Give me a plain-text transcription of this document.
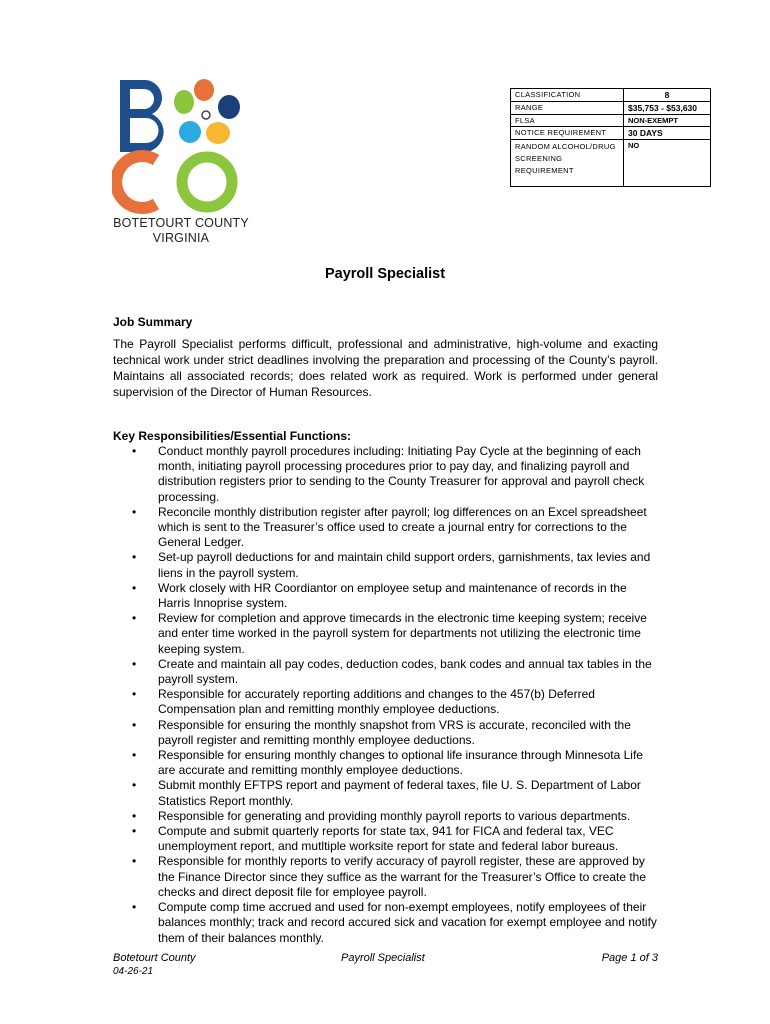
BOTETOURT COUNTY
VIRGINIA
CLASSIFICATION	8
RANGE	$35,753 - $53,630
FLSA	NON-EXEMPT
NOTICE REQUIREMENT	30 DAYS
RANDOM ALCOHOL/DRUG SCREENING REQUIREMENT	NO
Payroll Specialist
Job Summary

The Payroll Specialist performs difficult, professional and administrative, high-volume and exacting technical work under strict deadlines involving the preparation and processing of the County’s payroll. Maintains all associated records; does related work as required. Work is performed under general supervision of the Director of Human Resources.

Key Responsibilities/Essential Functions:
• Conduct monthly payroll procedures including: Initiating Pay Cycle at the beginning of each month, initiating payroll processing procedures prior to pay day, and finalizing payroll and distribution registers prior to sending to the County Treasurer for approval and payroll check processing.
• Reconcile monthly distribution register after payroll; log differences on an Excel spreadsheet which is sent to the Treasurer’s office used to create a journal entry for corrections to the General Ledger.
• Set-up payroll deductions for and maintain child support orders, garnishments, tax levies and liens in the payroll system.
• Work closely with HR Coordiantor on employee setup and maintenance of records in the Harris Innoprise system.
• Review for completion and approve timecards in the electronic time keeping system; receive and enter time worked in the payroll system for departments not utilizing the electronic time keeping system.
• Create and maintain all pay codes, deduction codes, bank codes and annual tax tables in the payroll system.
• Responsible for accurately reporting additions and changes to the 457(b) Deferred Compensation plan and remitting monthly employee deductions.
• Responsible for ensuring the monthly snapshot from VRS is accurate, reconciled with the payroll register and remitting monthly employee deductions.
• Responsible for ensuring monthly changes to optional life insurance through Minnesota Life are accurate and remitting monthly employee deductions.
• Submit monthly EFTPS report and payment of federal taxes, file U. S. Department of Labor Statistics Report monthly.
• Responsible for generating and providing monthly payroll reports to various departments.
• Compute and submit quarterly reports for state tax, 941 for FICA and federal tax, VEC unemployment report, and mutltiple worksite report for state and federal labor bureaus.
• Responsible for monthly reports to verify accuracy of payroll register, these are approved by the Finance Director since they suffice as the warrant for the Treasurer’s Office to create the checks and direct deposit file for employee payroll.
• Compute comp time accrued and used for non-exempt employees, notify employees of their balances monthly; track and record accured sick and vacation for exempt employee and notify them of their balances monthly.
Botetourt County
04-26-21
Payroll Specialist	Page 1 of 3
